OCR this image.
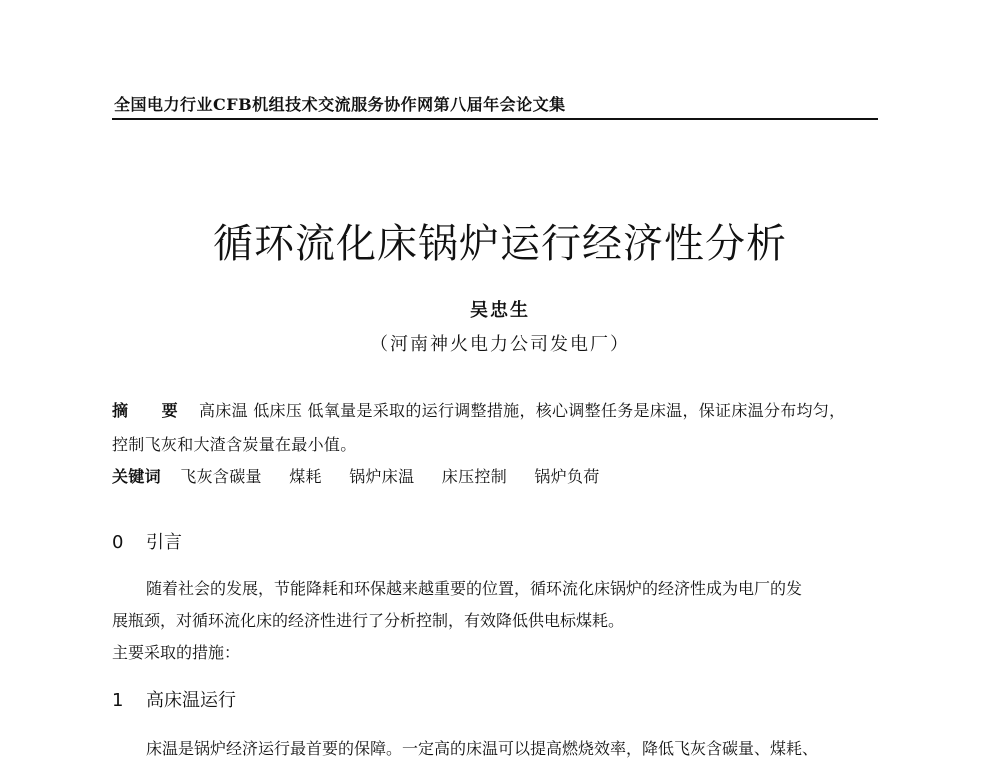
全国电力行业CFB机组技术交流服务协作网第八届年会论文集
循环流化床锅炉运行经济性分析
吴忠生
（河南神火电力公司发电厂）
摘 要 高床温 低床压 低氧量是采取的运行调整措施，核心调整任务是床温，保证床温分布均匀，
控制飞灰和大渣含炭量在最小值。
关键词 飞灰含碳量 煤耗 锅炉床温 床压控制 锅炉负荷
0 引言
随着社会的发展，节能降耗和环保越来越重要的位置，循环流化床锅炉的经济性成为电厂的发
展瓶颈，对循环流化床的经济性进行了分析控制，有效降低供电标煤耗。
主要采取的措施：
1 高床温运行
床温是锅炉经济运行最首要的保障。一定高的床温可以提高燃烧效率，降低飞灰含碳量、煤耗、
